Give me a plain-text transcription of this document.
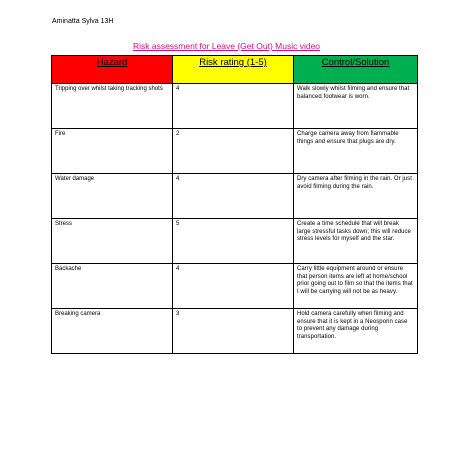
Aminatta Sylva 13H
Risk assessment for Leave (Get Out) Music video
Hazard	Risk rating (1-5)	Control/Solution
Tripping over whilst taking tracking shots	4	Walk slowly whilst filming and ensure that balanced footwear is worn.
Fire	2	Charge camera away from flammable things and ensure that plugs are dry.
Water damage	4	Dry camera after filming in the rain. Or just avoid filming during the rain.
Stress	5	Create a time schedule that will break large stressful tasks down; this will reduce stress levels for myself and the star.
Backache	4	Carry little equipment around or ensure that person items are left at home/school prior going out to film so that the items that I will be carrying will not be as heavy.
Breaking camera	3	Hold camera carefully when filming and ensure that it is kept in a Neosporin case to prevent any damage during transportation.
